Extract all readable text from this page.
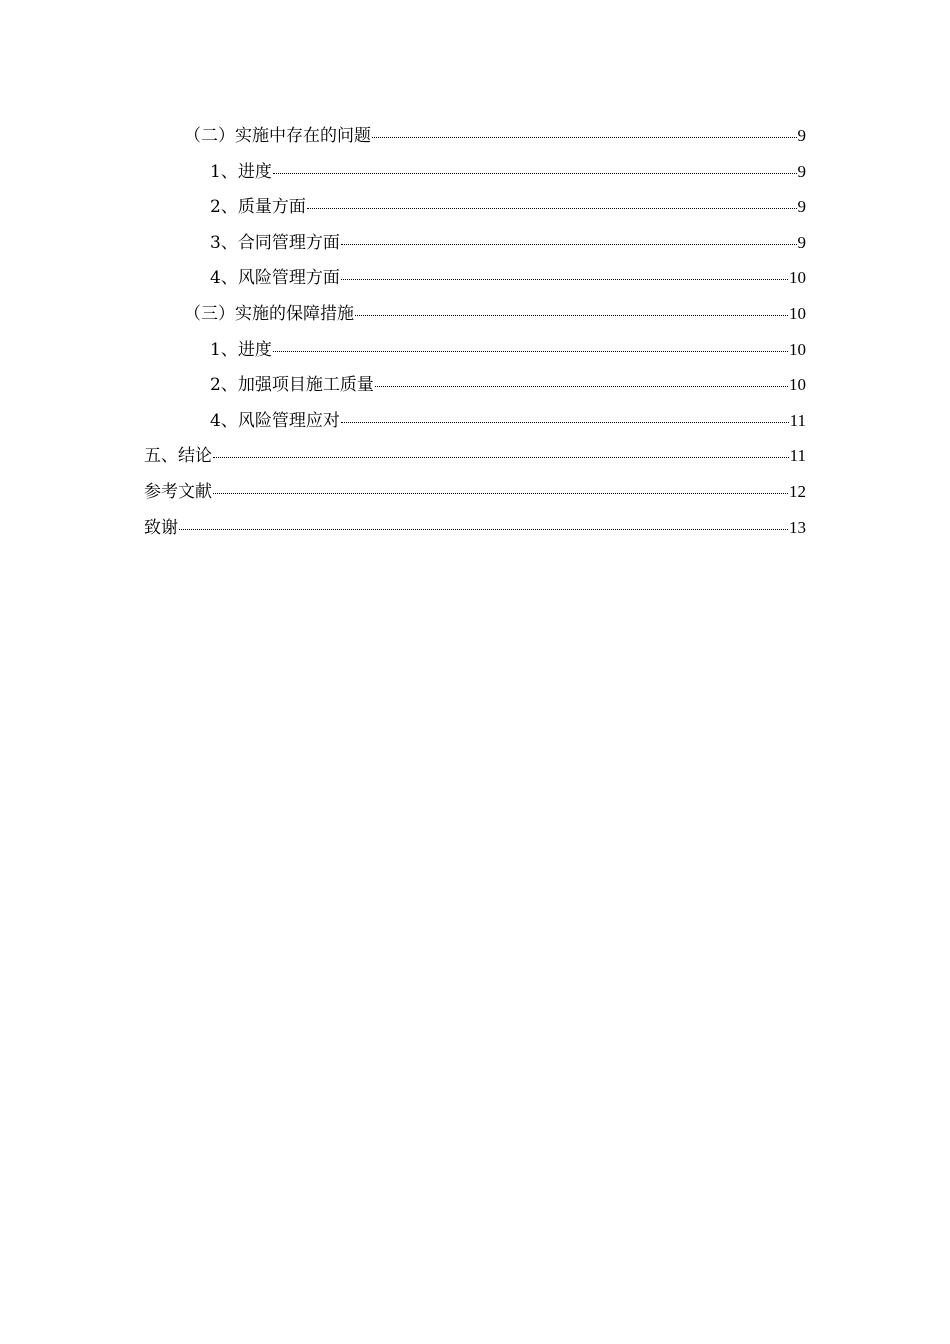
（二）实施中存在的问题	9
1、进度	9
2、质量方面	9
3、合同管理方面	9
4、风险管理方面	10
（三）实施的保障措施	10
1、进度	10
2、加强项目施工质量	10
4、风险管理应对	11
五、结论	11
参考文献	12
致谢	13
